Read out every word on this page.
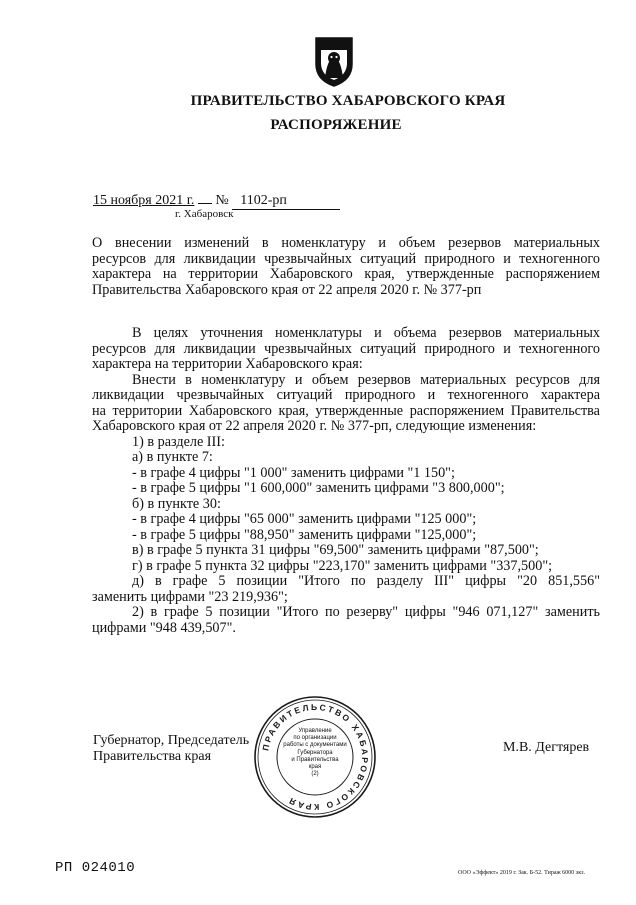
ПРАВИТЕЛЬСТВО ХАБАРОВСКОГО КРАЯ
РАСПОРЯЖЕНИЕ
15 ноября 2021 г. № 1102-рп
г. Хабаровск
О внесении изменений в номенклатуру и объем резервов материальных
ресурсов для ликвидации чрезвычайных ситуаций природного и техногенного
характера на территории Хабаровского края, утвержденные распоряжением
Правительства Хабаровского края от 22 апреля 2020 г. № 377-рп
В целях уточнения номенклатуры и объема резервов материальных
ресурсов для ликвидации чрезвычайных ситуаций природного и техногенного
характера на территории Хабаровского края:
Внести в номенклатуру и объем резервов материальных ресурсов для
ликвидации чрезвычайных ситуаций природного и техногенного характера
на территории Хабаровского края, утвержденные распоряжением Правительства
Хабаровского края от 22 апреля 2020 г. № 377-рп, следующие изменения:
1) в разделе III:
а) в пункте 7:
- в графе 4 цифры "1 000" заменить цифрами "1 150";
- в графе 5 цифры "1 600,000" заменить цифрами "3 800,000";
б) в пункте 30:
- в графе 4 цифры "65 000" заменить цифрами "125 000";
- в графе 5 цифры "88,950" заменить цифрами "125,000";
в) в графе 5 пункта 31 цифры "69,500" заменить цифрами "87,500";
г) в графе 5 пункта 32 цифры "223,170" заменить цифрами "337,500";
д) в графе 5 позиции "Итого по разделу III" цифры "20 851,556"
заменить цифрами "23 219,936";
2) в графе 5 позиции "Итого по резерву" цифры "946 071,127" заменить
цифрами "948 439,507".
Губернатор, Председатель
Правительства края
М.В. Дегтярев
ПРАВИТЕЛЬСТВО ХАБАРОВСКОГО КРАЯ
Управление
по организации
работы с документами
Губернатора
и Правительства
края
(2)
РП 024010	ООО «Эффект» 2019 г. Зак. Б-52. Тираж 6000 экз.
